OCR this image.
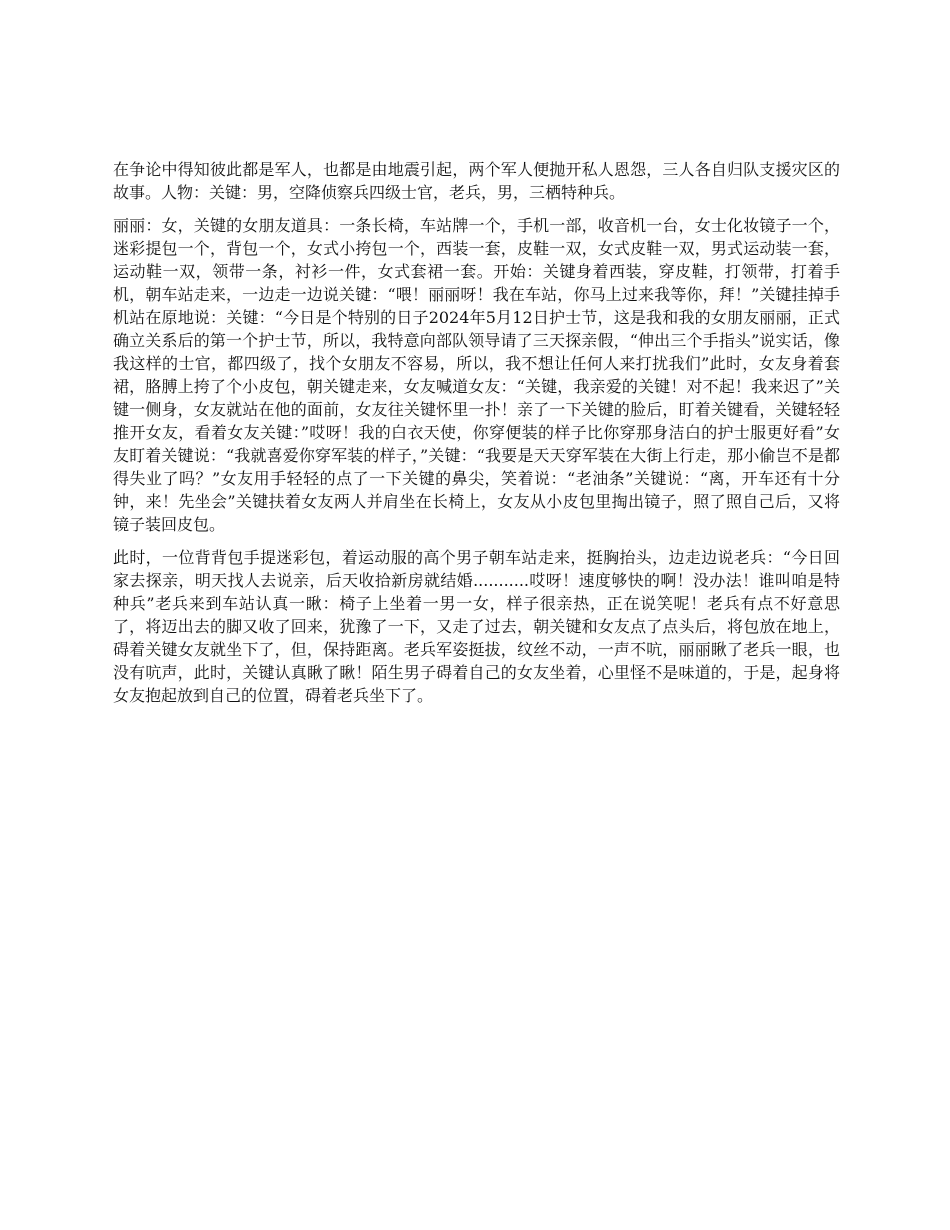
在争论中得知彼此都是军人，也都是由地震引起，两个军人便抛开私人恩怨，三人各自归队支援灾区的故事。人物：关键：男，空降侦察兵四级士官，老兵，男，三栖特种兵。

丽丽：女，关键的女朋友道具：一条长椅，车站牌一个，手机一部，收音机一台，女士化妆镜子一个，迷彩提包一个，背包一个，女式小挎包一个，西装一套，皮鞋一双，女式皮鞋一双，男式运动装一套，运动鞋一双，领带一条，衬衫一件，女式套裙一套。开始：关键身着西装，穿皮鞋，打领带，打着手机，朝车站走来，一边走一边说关键：“喂！丽丽呀！我在车站，你马上过来我等你，拜！”关键挂掉手机站在原地说：关键：“今日是个特别的日子2024年5月12日护士节，这是我和我的女朋友丽丽，正式确立关系后的第一个护士节，所以，我特意向部队领导请了三天探亲假，“伸出三个手指头”说实话，像我这样的士官，都四级了，找个女朋友不容易，所以，我不想让任何人来打扰我们”此时，女友身着套裙，胳膊上挎了个小皮包，朝关键走来，女友喊道女友：“关键，我亲爱的关键！对不起！我来迟了”关键一侧身，女友就站在他的面前，女友往关键怀里一扑！亲了一下关键的脸后，盯着关键看，关键轻轻推开女友，看着女友关键：”哎呀！我的白衣天使，你穿便装的样子比你穿那身洁白的护士服更好看”女友盯着关键说：“我就喜爱你穿军装的样子，”关键：“我要是天天穿军装在大街上行走，那小偷岂不是都得失业了吗？”女友用手轻轻的点了一下关键的鼻尖，笑着说：“老油条”关键说：“离，开车还有十分钟，来！先坐会”关键扶着女友两人并肩坐在长椅上，女友从小皮包里掏出镜子，照了照自己后，又将镜子装回皮包。

此时，一位背背包手提迷彩包，着运动服的高个男子朝车站走来，挺胸抬头，边走边说老兵：“今日回家去探亲，明天找人去说亲，后天收拾新房就结婚...........哎呀！速度够快的啊！没办法！谁叫咱是特种兵”老兵来到车站认真一瞅：椅子上坐着一男一女，样子很亲热，正在说笑呢！老兵有点不好意思了，将迈出去的脚又收了回来，犹豫了一下，又走了过去，朝关键和女友点了点头后，将包放在地上，碍着关键女友就坐下了，但，保持距离。老兵军姿挺拔，纹丝不动，一声不吭，丽丽瞅了老兵一眼，也没有吭声，此时，关键认真瞅了瞅！陌生男子碍着自己的女友坐着，心里怪不是味道的，于是，起身将女友抱起放到自己的位置，碍着老兵坐下了。
